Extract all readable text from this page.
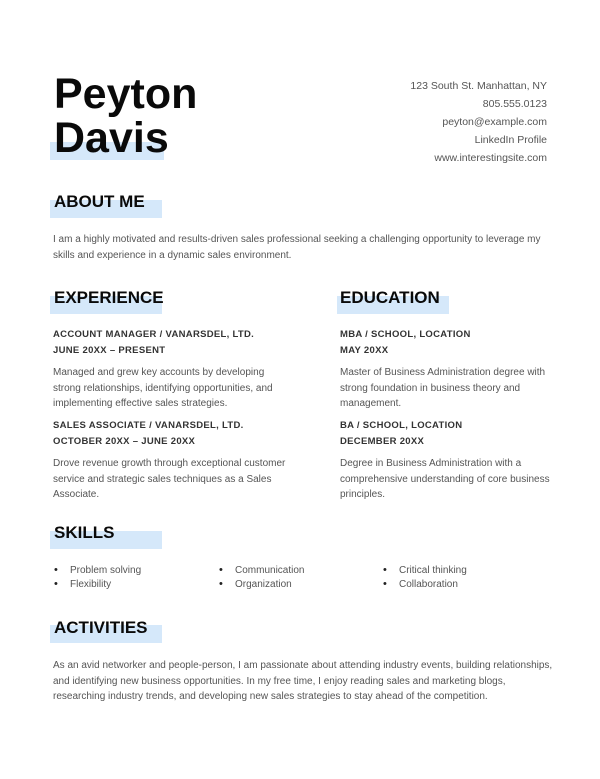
Peyton
Davis
123 South St. Manhattan, NY
805.555.0123
peyton@example.com
LinkedIn Profile
www.interestingsite.com
ABOUT ME
I am a highly motivated and results-driven sales professional seeking a challenging opportunity to leverage my skills and experience in a dynamic sales environment.
EXPERIENCE
ACCOUNT MANAGER / VANARSDEL, LTD.
JUNE 20XX – PRESENT
Managed and grew key accounts by developing strong relationships, identifying opportunities, and implementing effective sales strategies.
SALES ASSOCIATE / VANARSDEL, LTD.
OCTOBER 20XX – JUNE 20XX
Drove revenue growth through exceptional customer service and strategic sales techniques as a Sales Associate.
EDUCATION
MBA / SCHOOL, LOCATION
MAY 20XX
Master of Business Administration degree with strong foundation in business theory and management.
BA / SCHOOL, LOCATION
DECEMBER 20XX
Degree in Business Administration with a comprehensive understanding of core business principles.
SKILLS
• Problem solving
• Flexibility
• Communication
• Organization
• Critical thinking
• Collaboration
ACTIVITIES
As an avid networker and people-person, I am passionate about attending industry events, building relationships, and identifying new business opportunities. In my free time, I enjoy reading sales and marketing blogs, researching industry trends, and developing new sales strategies to stay ahead of the competition.
